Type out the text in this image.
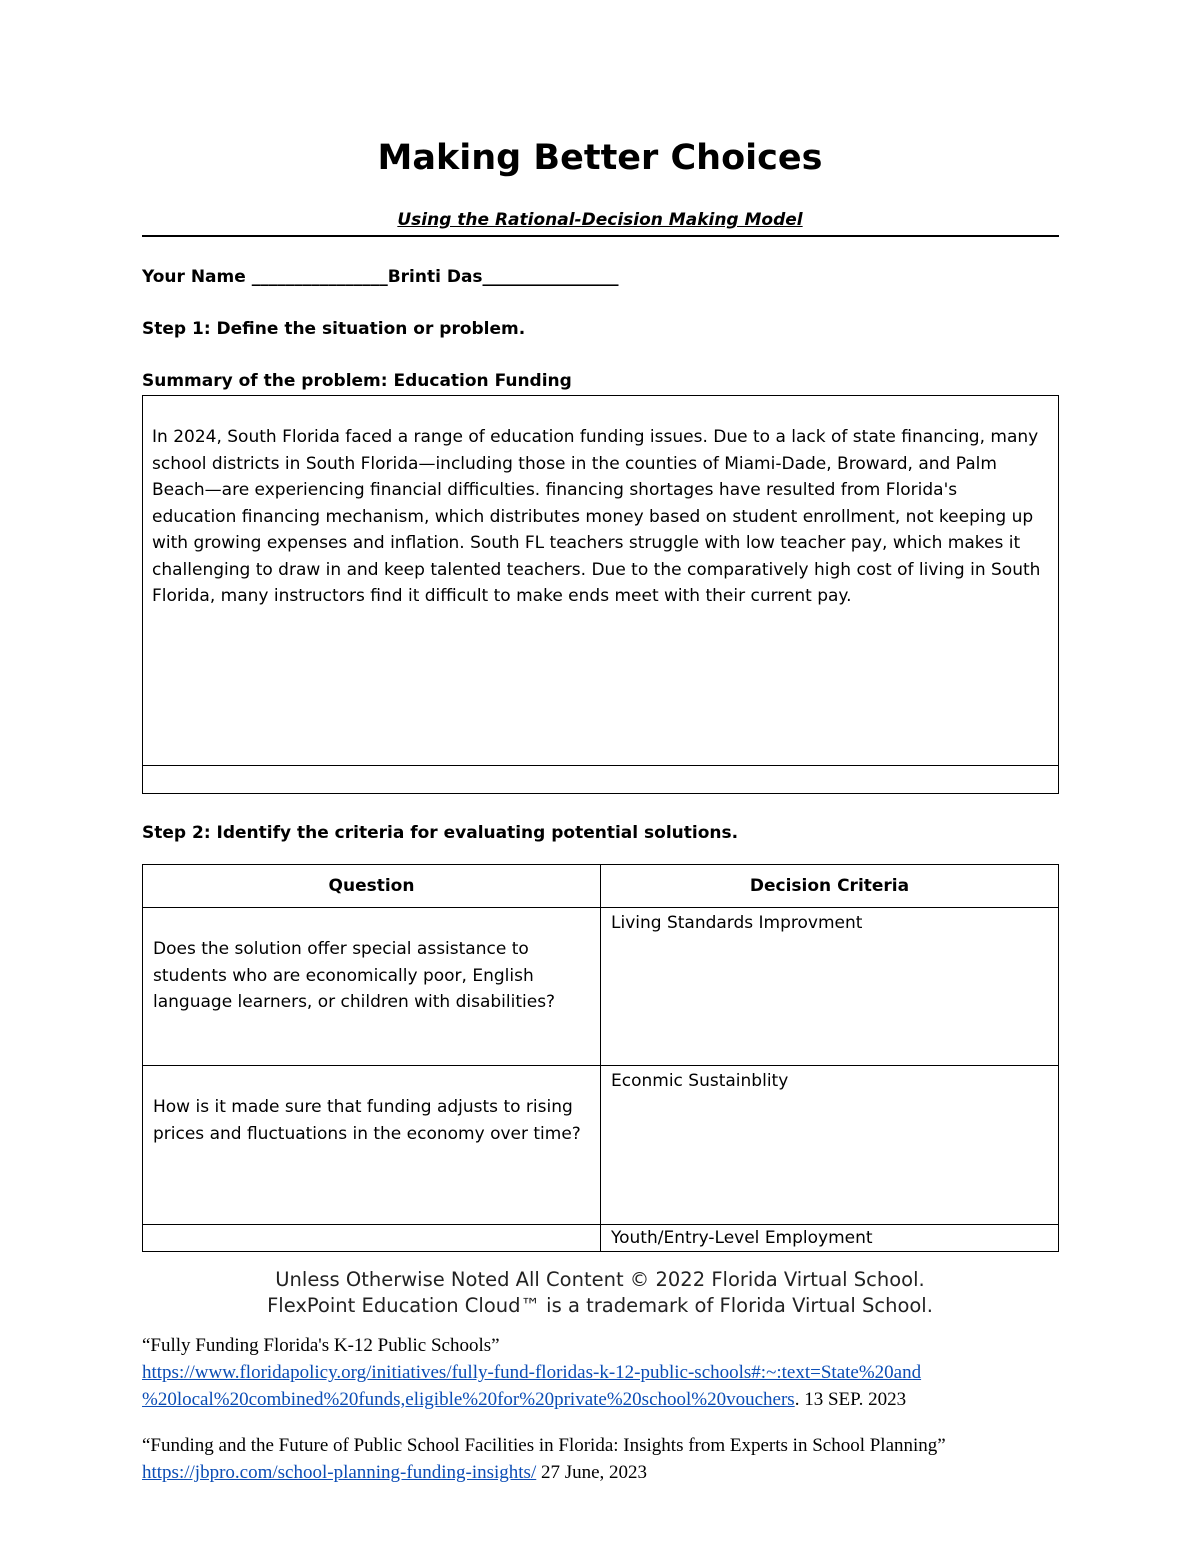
Making Better Choices
Using the Rational-Decision Making Model
Your Name ________________Brinti Das________________
Step 1: Define the situation or problem.
Summary of the problem: Education Funding
In 2024, South Florida faced a range of education funding issues. Due to a lack of state financing, many school districts in South Florida—including those in the counties of Miami-Dade, Broward, and Palm Beach—are experiencing financial difficulties. financing shortages have resulted from Florida's education financing mechanism, which distributes money based on student enrollment, not keeping up with growing expenses and inflation. South FL teachers struggle with low teacher pay, which makes it challenging to draw in and keep talented teachers. Due to the comparatively high cost of living in South Florida, many instructors find it difficult to make ends meet with their current pay.
Step 2: Identify the criteria for evaluating potential solutions.
Question	Decision Criteria
Does the solution offer special assistance to students who are economically poor, English language learners, or children with disabilities?	Living Standards Improvment
How is it made sure that funding adjusts to rising prices and fluctuations in the economy over time?	Econmic Sustainblity
	Youth/Entry-Level Employment
Unless Otherwise Noted All Content © 2022 Florida Virtual School.
FlexPoint Education Cloud™ is a trademark of Florida Virtual School.
“Fully Funding Florida's K-12 Public Schools”
https://www.floridapolicy.org/initiatives/fully-fund-floridas-k-12-public-schools#:~:text=State%20and
%20local%20combined%20funds,eligible%20for%20private%20school%20vouchers. 13 SEP. 2023
“Funding and the Future of Public School Facilities in Florida: Insights from Experts in School Planning”
https://jbpro.com/school-planning-funding-insights/ 27 June, 2023
